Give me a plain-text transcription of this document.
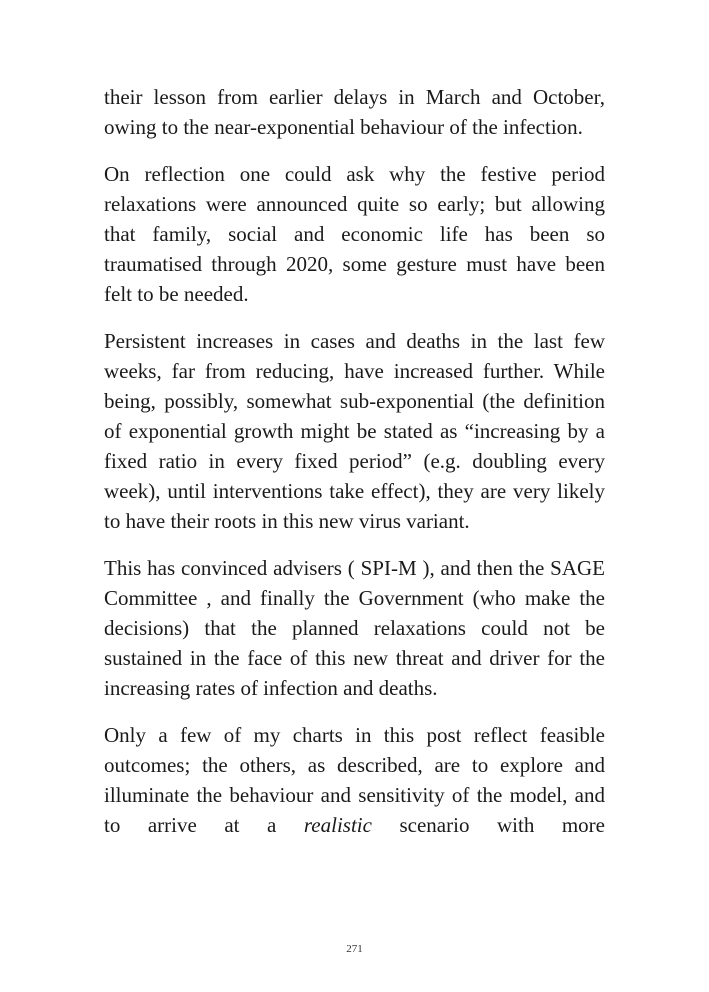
their lesson from earlier delays in March and October, owing to the near-exponential behaviour of the infection.

On reflection one could ask why the festive period relaxations were announced quite so early; but allowing that family, social and economic life has been so traumatised through 2020, some gesture must have been felt to be needed.

Persistent increases in cases and deaths in the last few weeks, far from reducing, have increased further. While being, possibly, somewhat sub-exponential (the definition of exponential growth might be stated as “increasing by a fixed ratio in every fixed period” (e.g. doubling every week), until interventions take effect), they are very likely to have their roots in this new virus variant.

This has convinced advisers ( SPI-M ), and then the SAGE Committee , and finally the Government (who make the decisions) that the planned relaxations could not be sustained in the face of this new threat and driver for the increasing rates of infection and deaths.

Only a few of my charts in this post reflect feasible outcomes; the others, as described, are to explore and illuminate the behaviour and sensitivity of the model, and to arrive at a realistic scenario with more

271
